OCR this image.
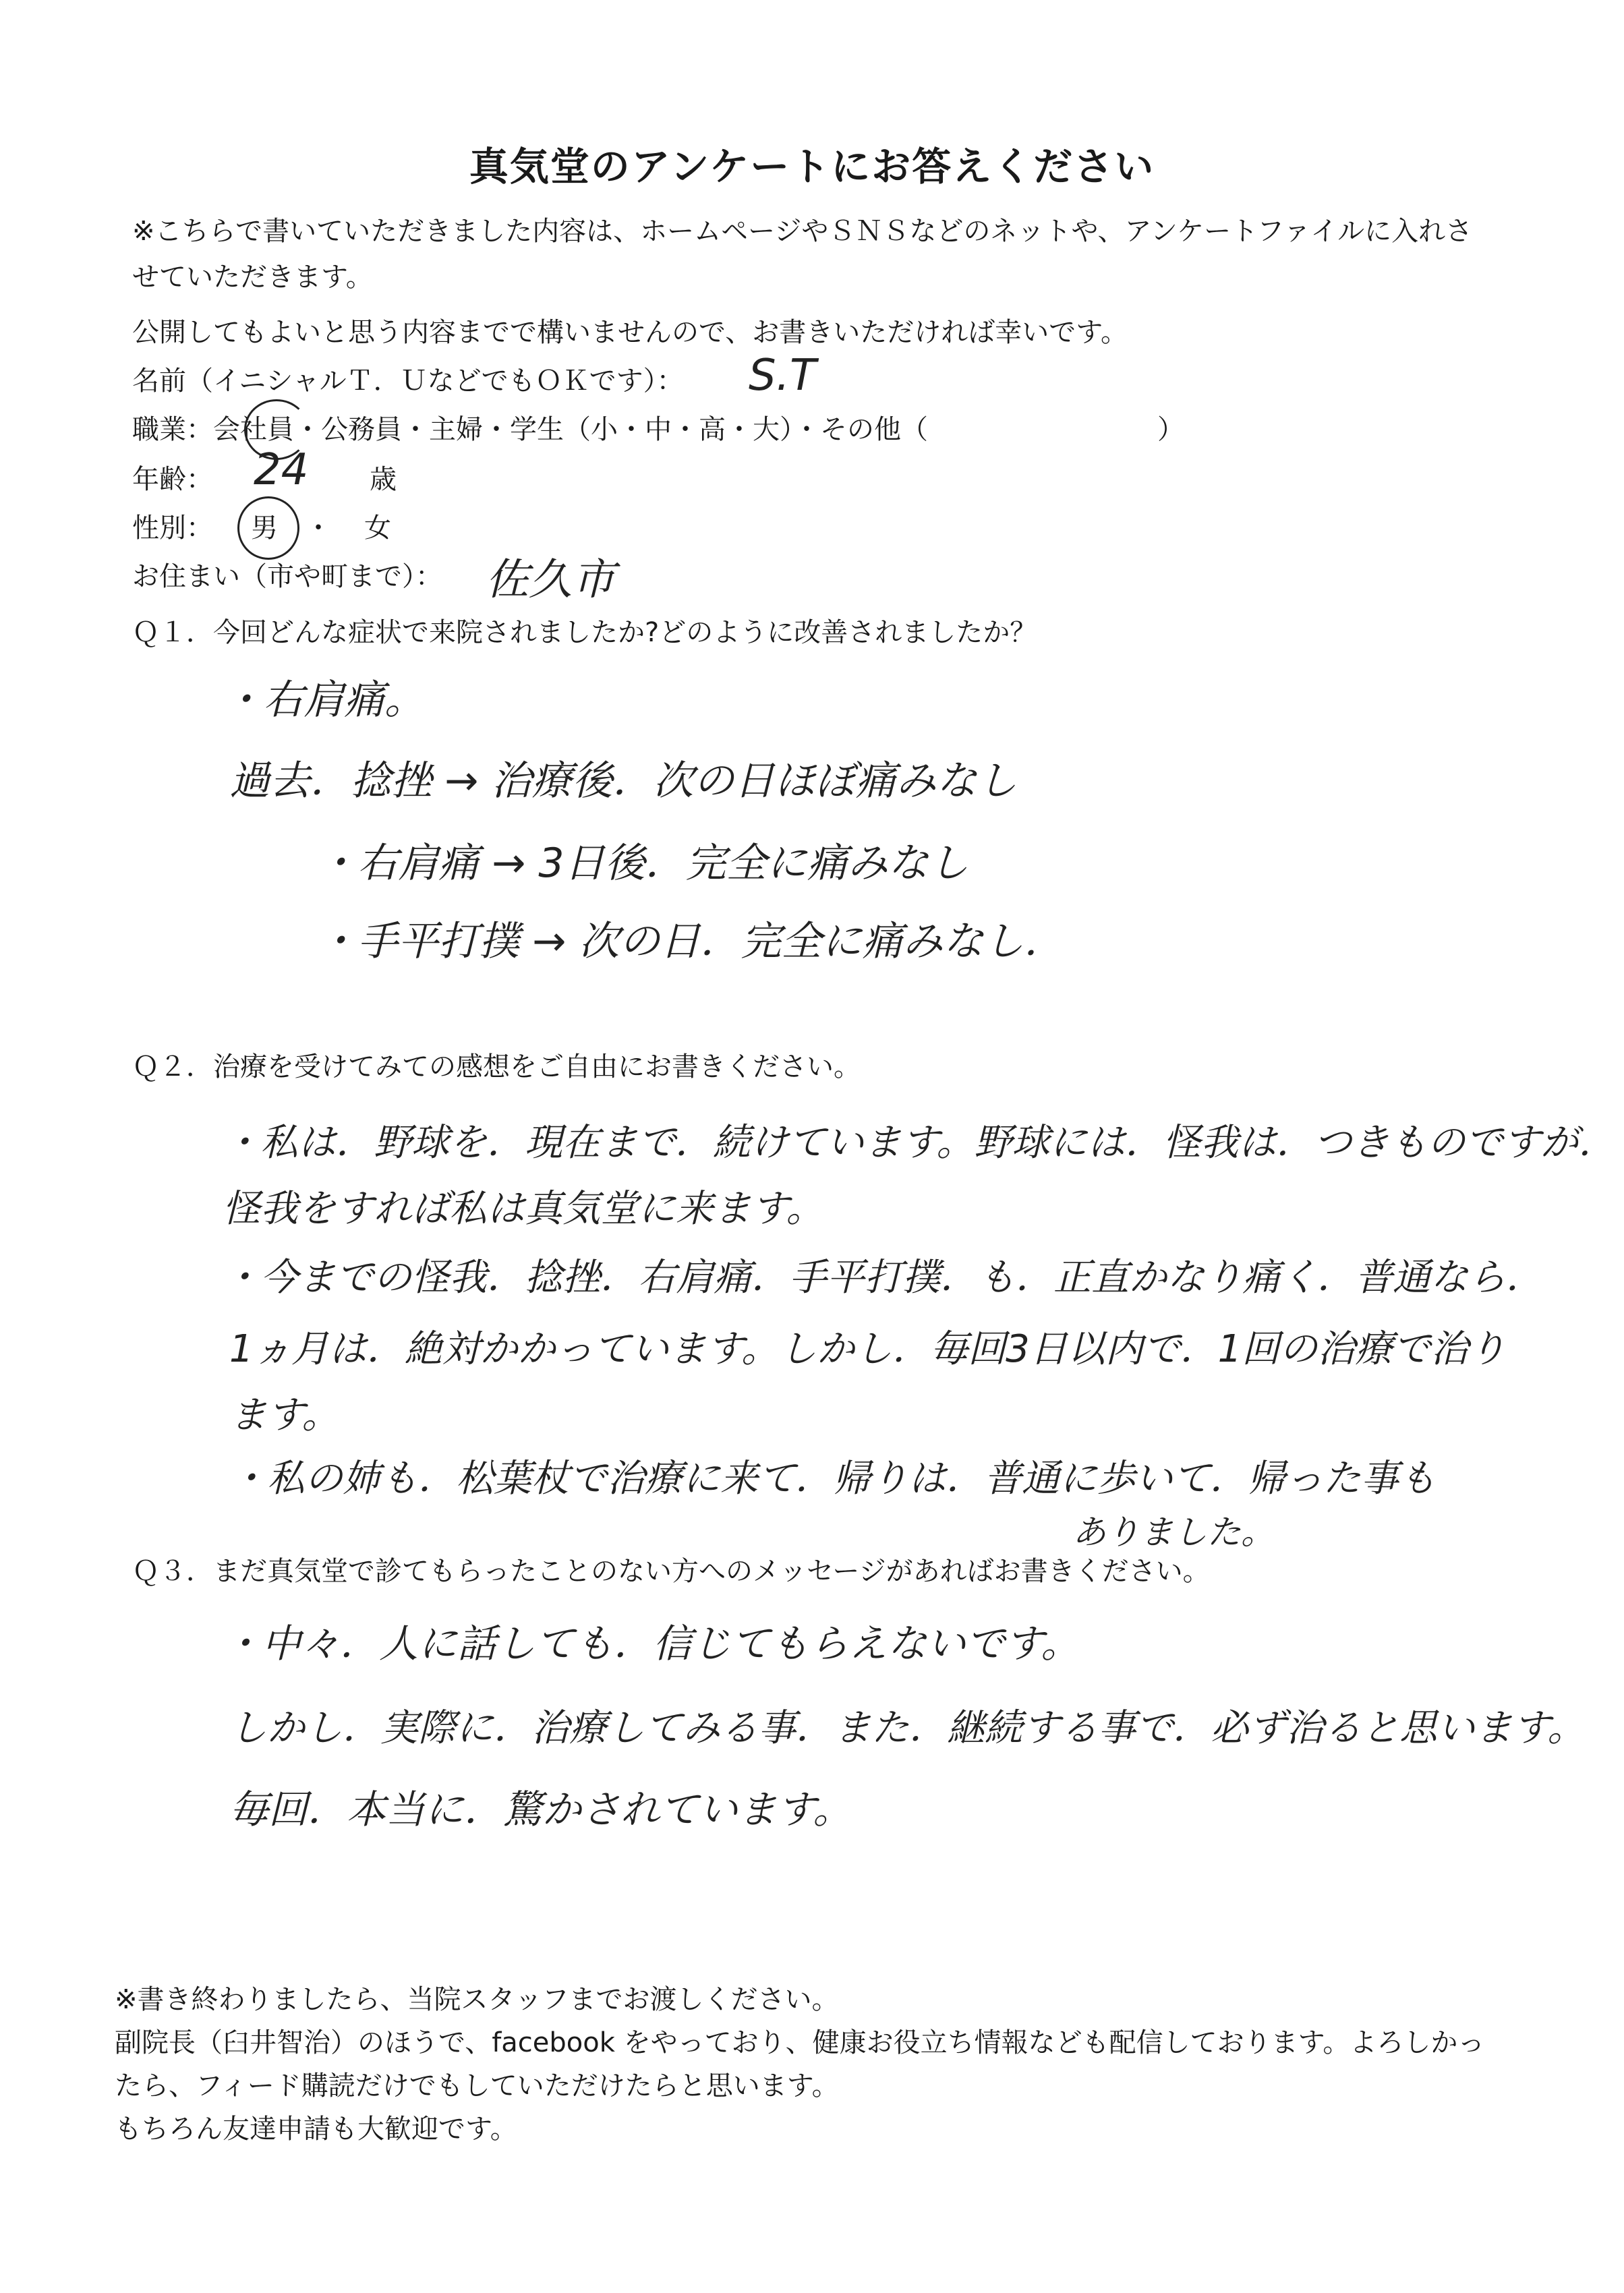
真気堂のアンケートにお答えください
※こちらで書いていただきました内容は、ホームページやＳＮＳなどのネットや、アンケートファイルに入れさ
せていただきます。
公開してもよいと思う内容までで構いませんので、お書きいただければ幸いです。
名前（イニシャルＴ．ＵなどでもＯＫです）： S.T
職業：会社員・公務員・主婦・学生（小・中・高・大）・その他（	）
年齢： 24 歳
性別： 男 ・ 女
お住まい（市や町まで）： 佐久市
Ｑ１．今回どんな症状で来院されましたか?どのように改善されましたか？
・右肩痛。
過去．捻挫 → 治療後．次の日ほぼ痛みなし
・右肩痛 → 3日後．完全に痛みなし
・手平打撲 → 次の日．完全に痛みなし．
Ｑ２．治療を受けてみての感想をご自由にお書きください。
・私は．野球を．現在まで．続けています。野球には．怪我は．つきものですが．
怪我をすれば私は真気堂に来ます。
・今までの怪我．捻挫．右肩痛．手平打撲．も．正直かなり痛く．普通なら．
1ヵ月は．絶対かかっています。しかし．毎回3日以内で．1回の治療で治り
ます。
・私の姉も．松葉杖で治療に来て．帰りは．普通に歩いて．帰った事も
ありました。
Ｑ３．まだ真気堂で診てもらったことのない方へのメッセージがあればお書きください。
・中々．人に話しても．信じてもらえないです。
しかし．実際に．治療してみる事．また．継続する事で．必ず治ると思います。
毎回．本当に．驚かされています。
※書き終わりましたら、当院スタッフまでお渡しください。
副院長（臼井智治）のほうで、facebook をやっており、健康お役立ち情報なども配信しております。よろしかっ
たら、フィード購読だけでもしていただけたらと思います。
もちろん友達申請も大歓迎です。
